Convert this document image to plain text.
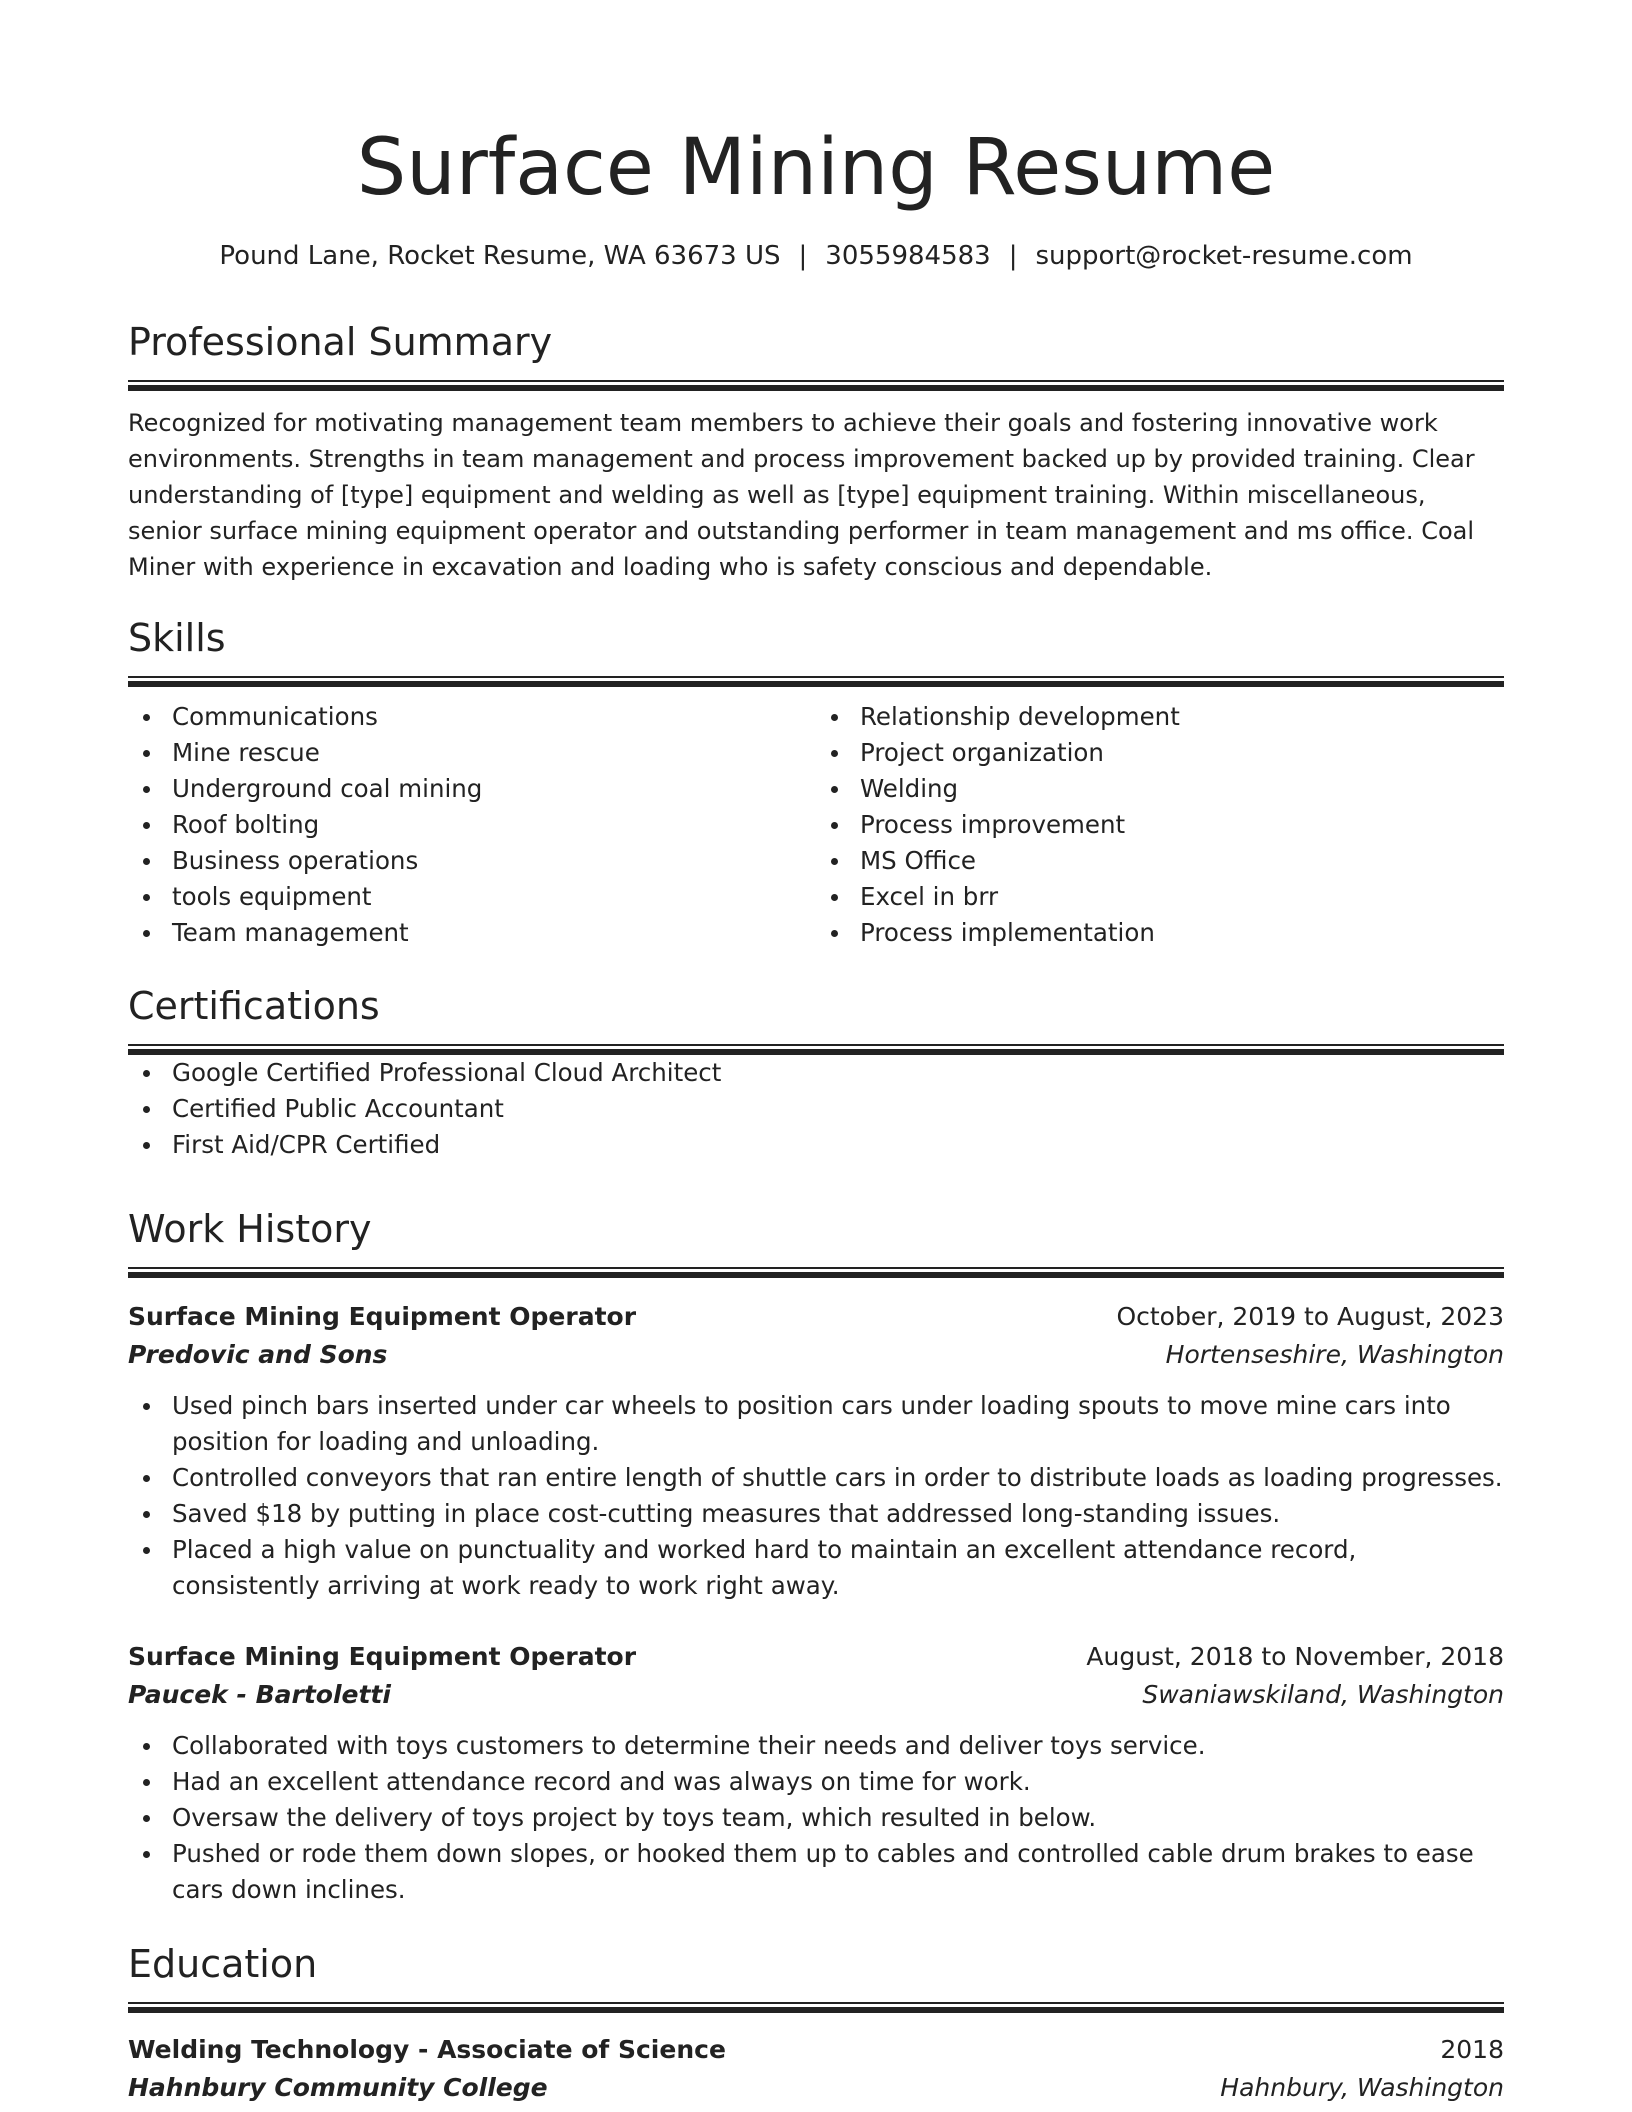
Surface Mining Resume
Pound Lane, Rocket Resume, WA 63673 US | 3055984583 | support@rocket-resume.com
Professional Summary
Recognized for motivating management team members to achieve their goals and fostering innovative work environments. Strengths in team management and process improvement backed up by provided training. Clear understanding of [type] equipment and welding as well as [type] equipment training. Within miscellaneous, senior surface mining equipment operator and outstanding performer in team management and ms office. Coal Miner with experience in excavation and loading who is safety conscious and dependable.
Skills
Communications
Mine rescue
Underground coal mining
Roof bolting
Business operations
tools equipment
Team management
Relationship development
Project organization
Welding
Process improvement
MS Office
Excel in brr
Process implementation
Certifications
Google Certified Professional Cloud Architect
Certified Public Accountant
First Aid/CPR Certified
Work History
Surface Mining Equipment Operator	October, 2019 to August, 2023
Predovic and Sons	Hortenseshire, Washington
Used pinch bars inserted under car wheels to position cars under loading spouts to move mine cars into position for loading and unloading.
Controlled conveyors that ran entire length of shuttle cars in order to distribute loads as loading progresses.
Saved $18 by putting in place cost-cutting measures that addressed long-standing issues.
Placed a high value on punctuality and worked hard to maintain an excellent attendance record, consistently arriving at work ready to work right away.
Surface Mining Equipment Operator	August, 2018 to November, 2018
Paucek - Bartoletti	Swaniawskiland, Washington
Collaborated with toys customers to determine their needs and deliver toys service.
Had an excellent attendance record and was always on time for work.
Oversaw the delivery of toys project by toys team, which resulted in below.
Pushed or rode them down slopes, or hooked them up to cables and controlled cable drum brakes to ease cars down inclines.
Education
Welding Technology - Associate of Science	2018
Hahnbury Community College	Hahnbury, Washington
